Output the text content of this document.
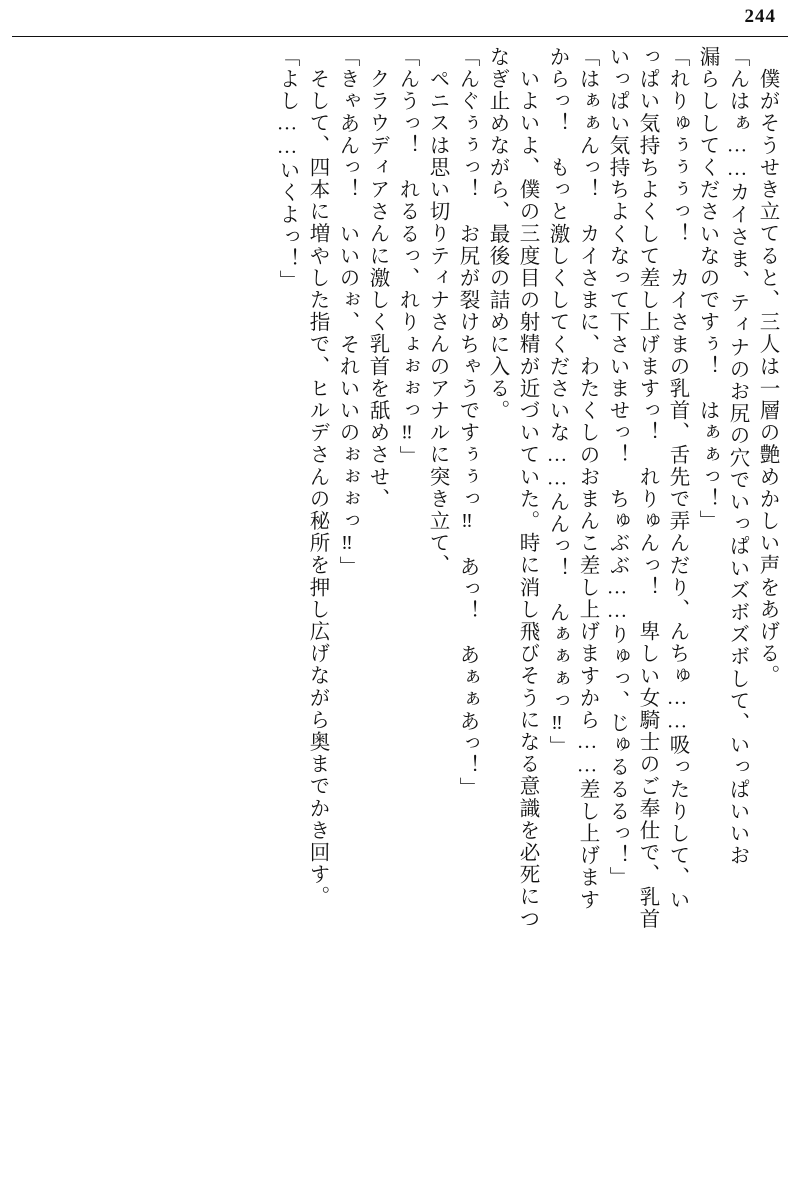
244
僕がそうせき立てると、三人は一層の艶めかしい声をあげる。
「んはぁ……カイさま、ティナのお尻の穴でいっぱいズボズボして、いっぱいいお
漏らししてくださいなのですぅ！　はぁぁっ！」
「れりゅぅぅぅっ！　カイさまの乳首、舌先で弄んだり、んちゅ……吸ったりして、い
っぱい気持ちよくして差し上げますっ！　れりゅんっ！　卑しい女騎士のご奉仕で、乳首
いっぱい気持ちよくなって下さいませっ！　ちゅぶぶ……りゅっ、じゅるるるっ！」
「はぁぁんっ！　カイさまに、わたくしのおまんこ差し上げますから……差し上げます
からっ！　もっと激しくしてくださいな……んんっ！　んぁぁぁっ‼」
いよいよ、僕の三度目の射精が近づいていた。時に消し飛びそうになる意識を必死につ
なぎ止めながら、最後の詰めに入る。
「んぐぅぅっ！　お尻が裂けちゃうですぅぅっ‼　あっ！　あぁぁあっ！」
ペニスは思い切りティナさんのアナルに突き立て、
「んうっ！　れるるっ、れりょぉぉっ‼」
クラウディアさんに激しく乳首を舐めさせ、
「きゃあんっ！　いいのぉ、それいいのぉぉぉっ‼」
そして、四本に増やした指で、ヒルデさんの秘所を押し広げながら奥までかき回す。
「よし……いくよっ！」
